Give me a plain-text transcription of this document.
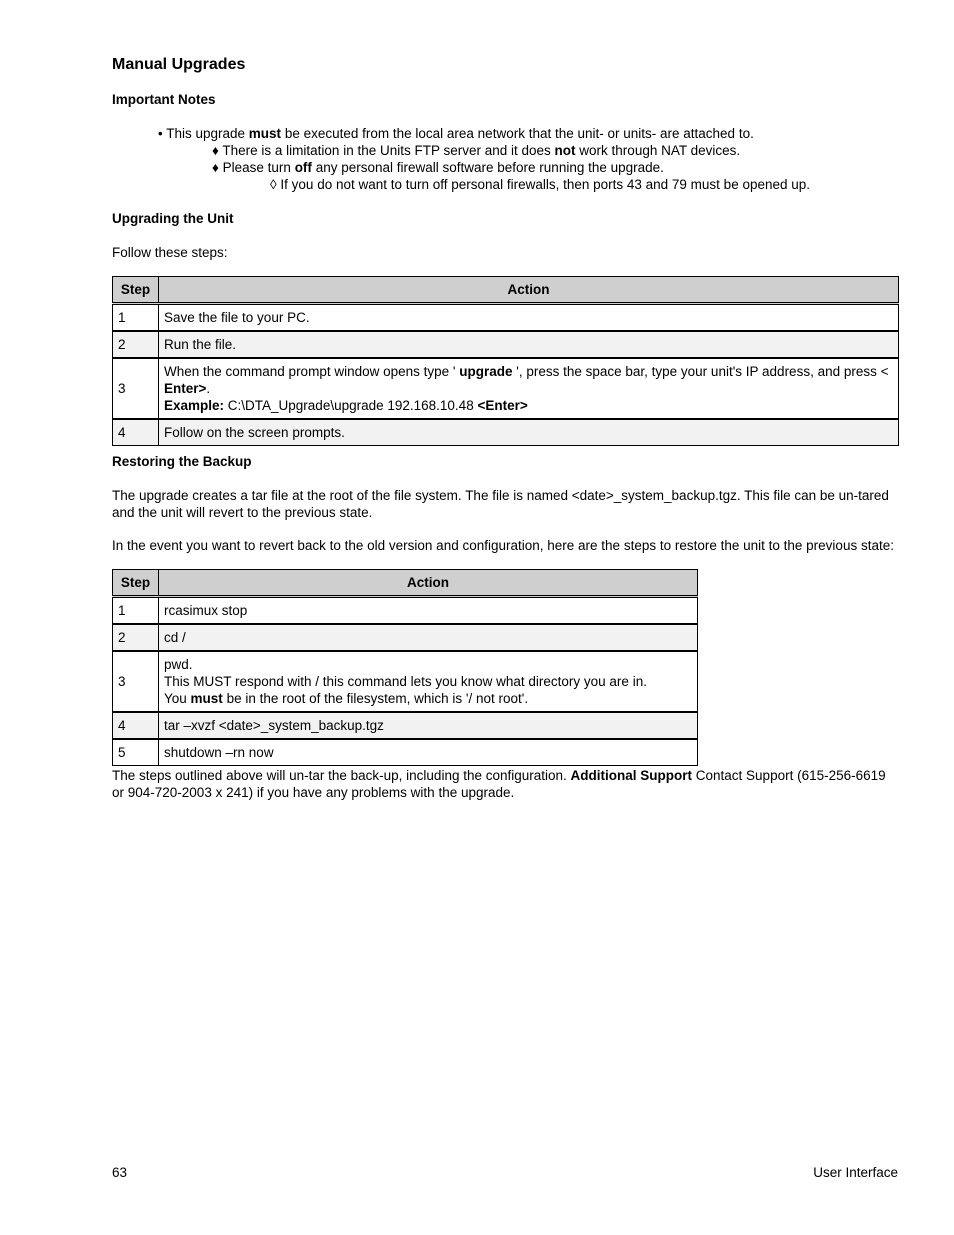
Manual Upgrades
Important Notes
• This upgrade must be executed from the local area network that the unit- or units- are attached to.
♦ There is a limitation in the Units FTP server and it does not work through NAT devices.
♦ Please turn off any personal firewall software before running the upgrade.
◊ If you do not want to turn off personal firewalls, then ports 43 and 79 must be opened up.
Upgrading the Unit

Follow these steps:

Step	Action
1	Save the file to your PC.
2	Run the file.
3	When the command prompt window opens type ' upgrade ', press the space bar, type your unit's IP address, and press < Enter>.
Example: C:\DTA_Upgrade\upgrade 192.168.10.48 <Enter>
4	Follow on the screen prompts.
Restoring the Backup

The upgrade creates a tar file at the root of the file system. The file is named <date>_system_backup.tgz. This file can be un-tared and the unit will revert to the previous state.

In the event you want to revert back to the old version and configuration, here are the steps to restore the unit to the previous state:

Step	Action
1	rcasimux stop
2	cd /
3	pwd.
This MUST respond with / this command lets you know what directory you are in.
You must be in the root of the filesystem, which is '/ not root'.
4	tar –xvzf <date>_system_backup.tgz
5	shutdown –rn now

The steps outlined above will un-tar the back-up, including the configuration. Additional Support Contact Support (615-256-6619 or 904-720-2003 x 241) if you have any problems with the upgrade.

63	User Interface
